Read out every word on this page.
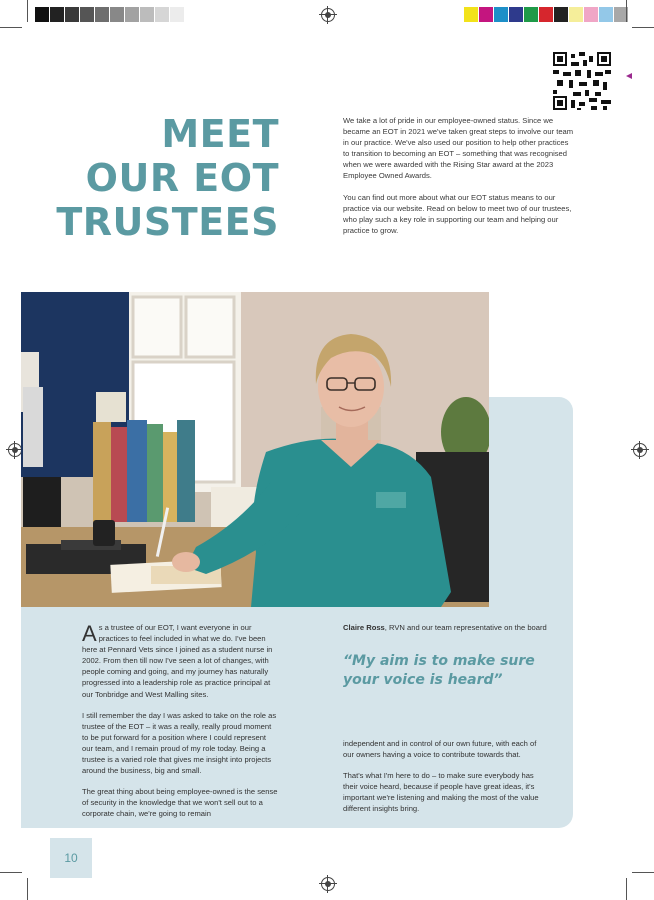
MEET
OUR EOT
TRUSTEES

We take a lot of pride in our employee-owned status. Since we became an EOT in 2021 we've taken great steps to involve our team in our practice. We've also used our position to help other practices to transition to becoming an EOT – something that was recognised when we were awarded with the Rising Star award at the 2023 Employee Owned Awards.

You can find out more about what our EOT status means to our practice via our website. Read on below to meet two of our trustees, who play such a key role in supporting our team and helping our practice to grow.

As a trustee of our EOT, I want everyone in our practices to feel included in what we do. I've been here at Pennard Vets since I joined as a student nurse in 2002. From then till now I've seen a lot of changes, with people coming and going, and my journey has naturally progressed into a leadership role as practice principal at our Tonbridge and West Malling sites.

I still remember the day I was asked to take on the role as trustee of the EOT – it was a really, really proud moment to be put forward for a position where I could represent our team, and I remain proud of my role today. Being a trustee is a varied role that gives me insight into projects around the business, big and small.

The great thing about being employee-owned is the sense of security in the knowledge that we won't sell out to a corporate chain, we're going to remain

Claire Ross, RVN and our team representative on the board
“My aim is to make sure your voice is heard”

independent and in control of our own future, with each of our owners having a voice to contribute towards that.

That's what I'm here to do – to make sure everybody has their voice heard, because if people have great ideas, it's important we're listening and making the most of the value different insights bring.

10
